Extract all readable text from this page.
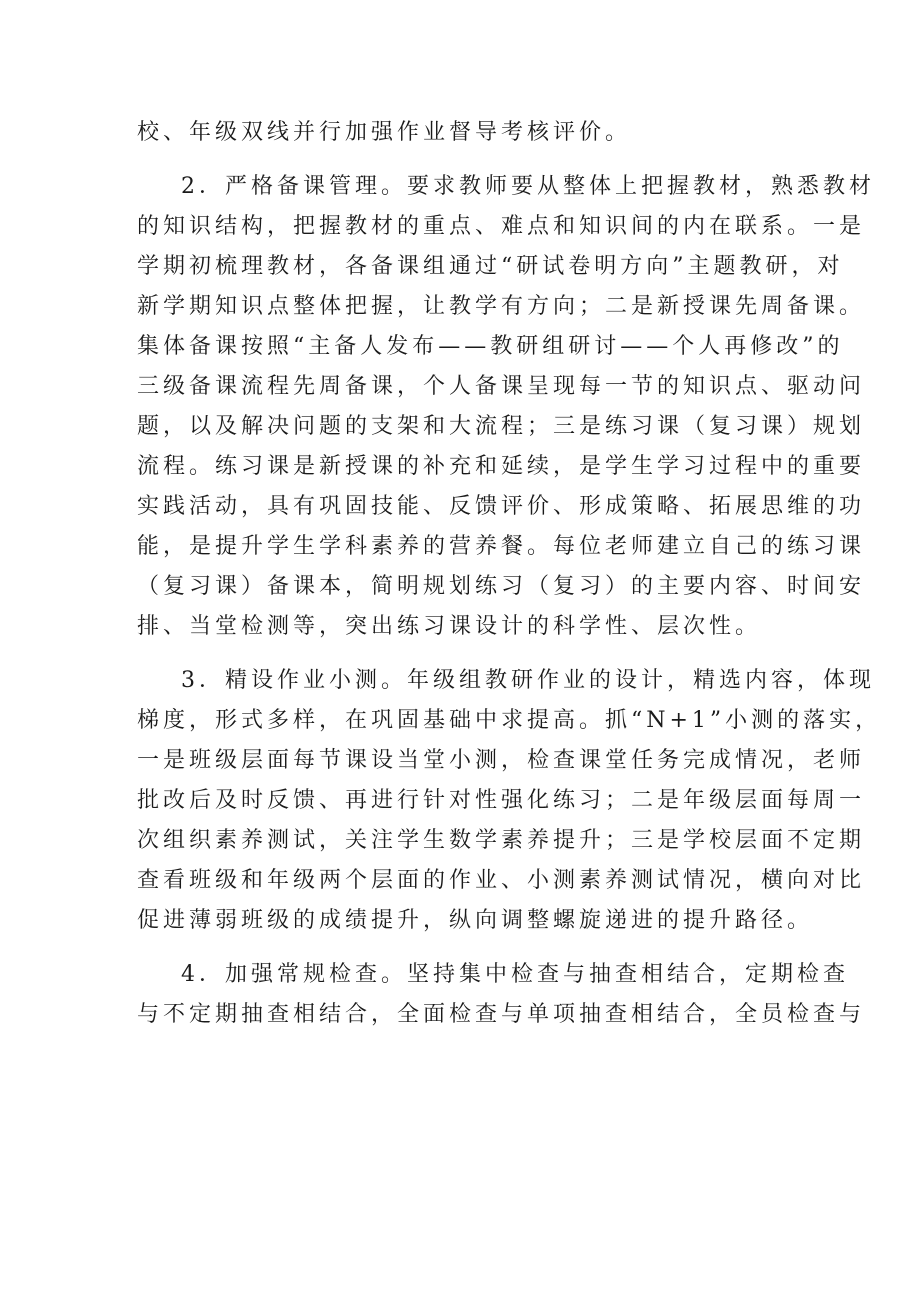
校、年级双线并行加强作业督导考核评价。
2．严格备课管理。要求教师要从整体上把握教材，熟悉教材
的知识结构，把握教材的重点、难点和知识间的内在联系。一是
学期初梳理教材，各备课组通过“研试卷明方向”主题教研，对
新学期知识点整体把握，让教学有方向；二是新授课先周备课。
集体备课按照“主备人发布——教研组研讨——个人再修改”的
三级备课流程先周备课，个人备课呈现每一节的知识点、驱动问
题，以及解决问题的支架和大流程；三是练习课（复习课）规划
流程。练习课是新授课的补充和延续，是学生学习过程中的重要
实践活动，具有巩固技能、反馈评价、形成策略、拓展思维的功
能，是提升学生学科素养的营养餐。每位老师建立自己的练习课
（复习课）备课本，简明规划练习（复习）的主要内容、时间安
排、当堂检测等，突出练习课设计的科学性、层次性。
3．精设作业小测。年级组教研作业的设计，精选内容，体现
梯度，形式多样，在巩固基础中求提高。抓“N+1”小测的落实，
一是班级层面每节课设当堂小测，检查课堂任务完成情况，老师
批改后及时反馈、再进行针对性强化练习；二是年级层面每周一
次组织素养测试，关注学生数学素养提升；三是学校层面不定期
查看班级和年级两个层面的作业、小测素养测试情况，横向对比
促进薄弱班级的成绩提升，纵向调整螺旋递进的提升路径。
4．加强常规检查。坚持集中检查与抽查相结合，定期检查
与不定期抽查相结合，全面检查与单项抽查相结合，全员检查与
